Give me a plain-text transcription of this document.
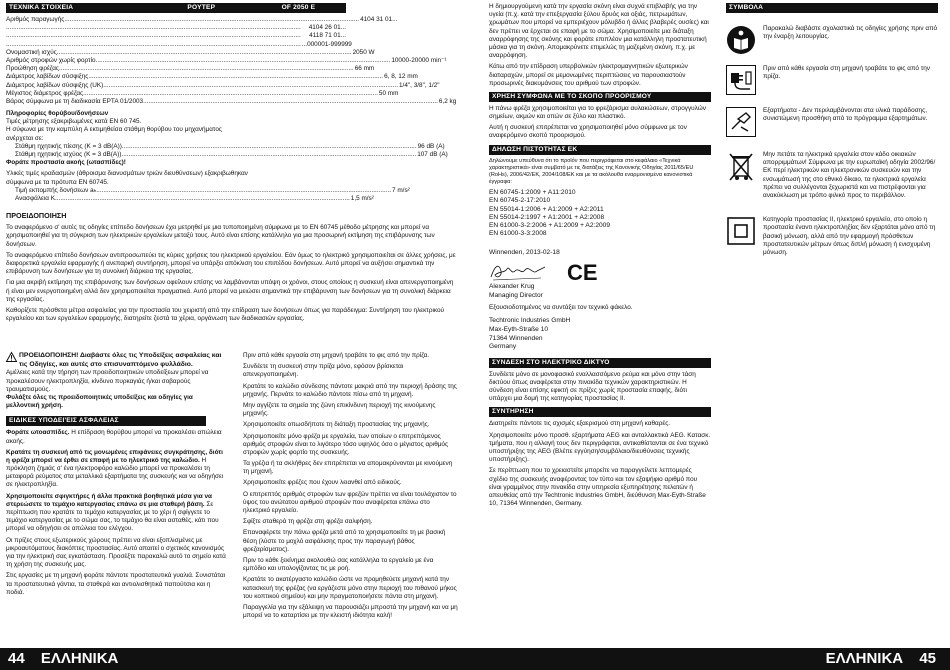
ΤΕΧΝΙΚΑ ΣΤΟΙΧΕΙΑ	ΡΟΥΤΕΡ	OF 2050 E
Αριθμός παραγωγής...................................................................................................................................................................... 4104 31 01...
......................................................................................................................................................................	4104 26 01...
......................................................................................................................................................................	4118 71 01...
...................................................................................................................................................................... ...000001-999999
Ονομαστική ισχύς...................................................................................................................................................................... 2050 W
Αριθμός στροφών χωρίς φορτίο...................................................................................................................................................................... 10000-20000 min⁻¹
Προώθηση φρέζας...................................................................................................................................................................... 66 mm
Διάμετρος λαβίδων σύσφιξης...................................................................................................................................................................... 6, 8, 12 mm
Διάμετρος λαβίδων σύσφιξης (UK)...................................................................................................................................................................... 1/4", 3/8", 1/2"
Μέγιστος διάμετρος φρέζας...................................................................................................................................................................... 50 mm
Βάρος σύμφωνα με τη διαδικασία EPTA 01/2003...................................................................................................................................................................... 6,2 kg
Πληροφορίες θορύβου/δονήσεων
Τιμές μέτρησης εξακριβωμένες κατά EN 60 745.
Η σύφωνα με την καμπύλη A εκτιμηθείσα στάθμη θορύβου του μηχανήματος ανέρχεται σε:
Στάθμη ηχητικής πίεσης (K = 3 dB(A))...................................................................................................................................................................... 96 dB (A)
Στάθμη ηχητικής ισχύος (K = 3 dB(A))...................................................................................................................................................................... 107 dB (A)
Φοράτε προστασία ακοής (ωτασπίδες)!
Υλικές τιμές κραδασμών (άθροισμα διανυσμάτων τριών διευθύνσεων) εξακριβωθηκαν σύμφωνα με τα πρότυπα EN 60745.
Τιμή εκπομπής δονήσεων aₕ...................................................................................................................................................................... 7 m/s²
Ανασφάλεια K...................................................................................................................................................................... 1,5 m/s²
ΠΡΟΕΙΔΟΠΟΙΗΣΗ

Το αναφερόμενο σ' αυτές τις οδηγίες επίπεδο δονήσεων έχει μετρηθεί με μια τυποποιημένη σύμφωνα με το EN 60745 μέθοδο μέτρησης και μπορεί να χρησιμοποιηθεί για τη σύγκριση των ηλεκτρικών εργαλείων μεταξύ τους. Αυτό είναι επίσης κατάλληλο για μια προσωρινή εκτίμηση της επιβάρυνσης των δονήσεων.

Το αναφερόμενο επίπεδο δονήσεων αντιπροσωπεύει τις κύριες χρήσεις του ηλεκτρικού εργαλείου. Εάν όμως το ηλεκτρικό χρησιμοποιείται σε άλλες χρήσεις, με διαφορετικά εργαλεία εφαρμογής ή ανεπαρκή συντήρηση, μπορεί να υπάρξει απόκλιση του επιπέδου δονήσεων. Αυτό μπορεί να αυξήσει σημαντικά την επιβάρυνση των δονήσεων για τη συνολική διάρκεια της εργασίας.

Για μια ακριβή εκτίμηση της επιβάρυνσης των δονήσεων οφείλουν επίσης να λαμβάνονται υπόψη οι χρόνοι, στους οποίους η συσκευή είναι απενεργοποιημένη ή είναι μεν ενεργοποιημένη αλλά δεν χρησιμοποιείται πραγματικά. Αυτό μπορεί να μειώσει σημαντικά την επιβάρυνση των δονήσεων για τη συνολική διάρκεια της εργασίας.

Καθορίζετε πρόσθετα μέτρα ασφαλείας για την προστασία του χειριστή από την επίδραση των δονήσεων όπως για παράδειγμα: Συντήρηση του ηλεκτρικού εργαλείου και των εργαλείων εφαρμογής, διατηρείτε ζεστά τα χέρια, οργάνωση των διαδικασιών εργασίας.

ΠΡΟΕΙΔΟΠΟΙΗΣΗ! Διαβάστε όλες τις Υποδείξεις ασφαλείας και τις Οδηγίες, και αυτές στο επισυναπτόμενο φυλλάδιο.
Αμέλειες κατά την τήρηση των προειδοποιητικών υποδείξεων μπορεί να προκαλέσουν ηλεκτροπληξία, κίνδυνο πυρκαγιάς ή/και σοβαρούς τραυματισμούς.
Φυλάξτε όλες τις προειδοποιητικές υποδείξεις και οδηγίες για μελλοντική χρήση.
ΕΙΔΙΚΕΣ ΥΠΟΔΕΙ'ΕΙΣ ΑΣΦΑΛΕΙΑΣ

Φοράτε ωτοασπίδες. Η επίδραση θορύβου μπορεί να προκαλέσει απώλεια ακοής.

Κρατάτε τη συσκευή από τις μονωμένες επιφάνειες συγκράτησης, διότι η φρέζα μπορεί να έρθει σε επαφή με το ηλεκτρικό της καλώδιο. Η πρόκληση ζημιάς σ' ένα ηλεκτροφόρο καλώδιο μπορεί να προκαλέσει τη μεταφορά ρεύματος στα μεταλλικά εξαρτήματα της συσκευής και να οδηγήσει σε ηλεκτροπληξία.

Χρησιμοποιείτε σφιγκτήρες ή άλλα πρακτικά βοηθητικά μέσα για να στερεώσετε το τεμάχιο κατεργασίας επάνω σε μια σταθερή βάση. Σε περίπτωση που κρατάτε το τεμάχιο κατεργασίας με το χέρι ή σφίγγετε το τεμάχιο κατεργασίας με το σώμα σας, το τεμάχιο θα είναι ασταθές, κάτι που μπορεί να οδηγήσει σε απώλεια του ελέγχου.

Οι πρίζες στους εξωτερικούς χώρους πρέπει να είναι εξοπλισμένες με μικροαυτόματους διακόπτες προστασίας. Αυτό απαιτεί ο σχετικός κανονισμός για την ηλεκτρική σας εγκατάσταση. Προσέξτε παρακαλώ αυτό το σημείο κατά τη χρήση της συσκευής μας.

Στις εργασίες με τη μηχανή φοράτε πάντοτε προστατευτικά γυαλιά. Συνιστάται τα προστατευτικά γάντια, τα σταθερά και αντιολισθητικά παπούτσια και η ποδιά.

Πριν από κάθε εργασία στη μηχανή τραβάτε το φις από την πρίζα.

Συνδέετε τη συσκευή στην πρίζα μόνο, εφόσον βρίσκεται απενεργοποιημένη.

Κρατάτε το καλώδιο σύνδεσης πάντοτε μακριά από την περιοχή δράσης της μηχανής. Περνάτε το καλώδιο πάντοτε πίσω από τη μηχανή.

Μην αγγίζετε τα σημεία της ζώνη επικίνδυνη περιοχή της κινούμενης μηχανής.

Χρησιμοποιείτε οπωσδήποτε τη διάταξη προστασίας της μηχανής.

Χρησιμοποιείτε μόνο φρέζα με εργαλεία, των οποίων ο επιτρεπόμενος αριθμός στροφών είναι το λιγότερο τόσο υψηλός όσο ο μέγιστος αριθμός στροφών χωρίς φορτίο της συσκευής.

Τα γρέζια ή τα σκλήθρες δεν επιτρέπεται να απομακρύνονται με κινούμενη τη μηχανή.

Χρησιμοποιείτε φρέζες που έχουν λειανθεί από ειδικούς.

Ο επιτρεπτός αριθμός στροφών των φρεζών πρέπει να είναι τουλάχιστον το ύψος του ανώτατου αριθμού στροφών που αναφέρεται επάνω στο ηλεκτρικό εργαλείο.

Σφίξτε σταθερά τη φρέζα στη φρέζα σαλφήση.

Επαναφέρετε την πάνω φρέζα μετά από το χρησιμοποιείτε τη με βασική θέση (λύστε το μοχλό ασφάλισης προς την παραγωγή βάθος φρεζαρίσματος).

Πριν το κάθε ξεκίνημα ακολουθώ σας κατάλληλα το εργαλείο με ένα εμπόδιο και υπολογίζοντας τις με ροή.

Κρατάτε το ακατέργαστο καλώδιο ώστε να προμηθεύετε μηχανή κατά την κατασκευή της φρέζας (να εργάζεστε μόνο στην περιοχή του πιθανού μήκος του κοπτικού σημείου) και μην πραγματοποιήσετε πάντα στη μηχανή.

Παραγγελία για την εξάλειψη να παρουσιάζει μπροστά την μηχανή και να μη μπορεί να το καταρτίσει με την κλειστή ιδιότητα καλή!

44 ΕΛΛΗΝΙΚΑ

Η δημιουργούμενη κατά την εργασία σκόνη είναι συχνά επιβλαβής για την υγεία (π.χ. κατά την επεξεργασία ξύλου δρυός και οξιάς, πετρωμάτων, χρωμάτων που μπορεί να εμπεριέχουν μόλυβδο ή άλλες βλαβερές ουσίες) και δεν πρέπει να έρχεται σε επαφή με το σώμα. Χρησιμοποιείτε μια διάταξη αναρρόφησης της σκόνης και φοράτε επιπλέον μια κατάλληλη προστατευτική μάσκα για τη σκόνη. Απομακρύνετε επιμελώς τη μαζεμένη σκόνη, π.χ. με αναρρόφηση.

Κάτω από την επίδραση υπερβολικών ηλεκτρομαγνητικών εξωτερικών διαταραχών, μπορεί σε μεμονωμένες περιπτώσεις να παρουσιαστούν προσωρινές διακυμάνσεις του αριθμού των στροφών.

ΧΡΗΣΗ ΣΥΜΦΩΝΑ ΜΕ ΤΟ ΣΚΟΠΟ ΠΡΟΟΡΙΣΜΟΥ

Η πάνω φρέζα χρησιμοποιείται για το φρεζάρισμα αυλακώσεων, στρογγυλών σημείων, ακμών και οπών σε ξύλο και πλαστικό.

Αυτή η συσκευή επιτρέπεται να χρησιμοποιηθεί μόνο σύμφωνα με τον αναφερόμενο σκοπό προορισμού.

ΔΗΛΩΣΗ ΠΙΣΤΟΤΗΤΑΣ ΕΚ

Δηλώνουμε υπεύθυνα ότι το προϊόν που περιγράφεται στο κεφάλαιο «Τεχνικά χαρακτηριστικά» είναι συμβατό με τις διατάξεις της Κανονικής Οδηγίας 2011/65/EU (RoHs), 2006/42/ΕΚ, 2004/108/ΕΚ και με τα ακόλουθα εναρμονισμένα κανονιστικά έγγραφα:

EN 60745-1:2009 + A11:2010
EN 60745-2-17:2010
EN 55014-1:2006 + A1:2009 + A2:2011
EN 55014-2:1997 + A1:2001 + A2:2008
EN 61000-3-2:2006 + A1:2009 + A2:2009
EN 61000-3-3:2008
Winnenden, 2013-02-18
CE
Alexander Krug
Managing Director
Εξουσιοδοτημένος να συντάξει τον τεχνικό φάκελο.
Techtronic Industries GmbH
Max-Eyth-Straße 10
71364 Winnenden
Germany
ΣΥΝΔΕΣΗ ΣΤΟ ΗΛΕΚΤΡΙΚΟ ΔΙΚΤΥΟ

Συνδέετε μόνο σε μονοφασικό εναλλασσόμενο ρεύμα και μόνο στην τάση δικτύου όπως αναφέρεται στην πινακίδα τεχνικών χαρακτηριστικών. Η σύνδεση είναι επίσης εφικτή σε πρίζες χωρίς προστασία επαφής, διότι υπάρχει μια δομή της κατηγορίας προστασίας II.

ΣΥΝΤΗΡΗΣΗ

Διατηρείτε πάντοτε τις σχισμές εξαερισμού στη μηχανή καθαρές.

Χρησιμοποιείτε μόνο προσθ. εξαρτήματα AEG και ανταλλακτικά AEG. Κατασκ. τμήματα, που η αλλαγή τους δεν περιγράφεται, αντικαθίστανται σε ένα τεχνικό υποστήριξης της AEG (Βλέπε εγγύηση/συμβόλαιο/διευθύνσεις τεχνικής υποστήριξης).

Σε περίπτωση που το χρειαστείτε μπορείτε να παραγγείλετε λεπτομερές σχέδιο της συσκευής αναφέροντας τον τύπο και τον εξαψήφιο αριθμό που είναι γραμμένος στην πινακίδα στην υπηρεσία εξυπηρέτησης πελατών ή απευθείας από την Techtronic Industries GmbH, διεύθυνση Max-Eyth-Straße 10, 71364 Winnenden, Germany.

ΣΥΜΒΟΛΑ
Παρακαλώ διαβάστε σχολαστικά τις οδηγίες χρήσης πριν από την έναρξη λειτουργίας.
Πριν από κάθε εργασία στη μηχανή τραβάτε το φις από την πρίζα.
Εξαρτήματα - Δεν περιλαμβάνονται στα υλικά παράδοσης, συνιστώμενη προσθήκη από το πρόγραμμα εξαρτημάτων.
Μην πετάτε τα ηλεκτρικά εργαλεία στον κάδο οικιακών απορριμμάτων! Σύμφωνα με την ευρωπαϊκή οδηγία 2002/96/ΕΚ περί ηλεκτρικών και ηλεκτρονικών συσκευών και την ενσωμάτωσή της στο εθνικό δίκαιο, τα ηλεκτρικά εργαλεία πρέπει να συλλέγονται ξεχωριστά και να πιστρέφονται για ανακύκλωση με τρόπο φιλικό προς το περιβάλλον.
Κατηγορία προστασίας II, ηλεκτρικό εργαλείο, στο οποίο η προστασία έναντι ηλεκτροπληξίας δεν εξαρτάται μόνο από τη βασική μόνωση, αλλά από την εφαρμογή πρόσθετων προστατευτικών μέτρων όπως διπλή μόνωση ή ενισχυμένη μόνωση.
ΕΛΛΗΝΙΚΑ 45
